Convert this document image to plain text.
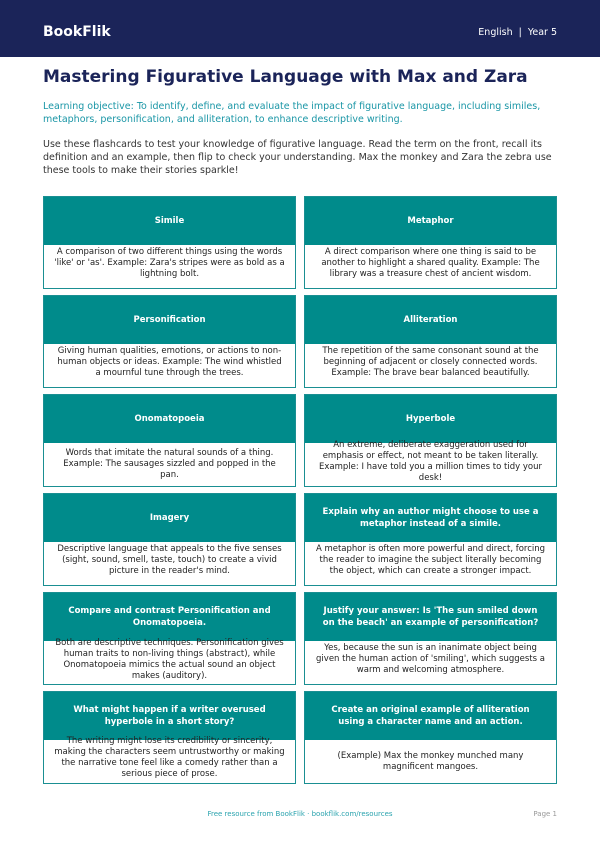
BookFlik	English | Year 5
Mastering Figurative Language with Max and Zara
Learning objective: To identify, define, and evaluate the impact of figurative language, including similes, metaphors, personification, and alliteration, to enhance descriptive writing.
Use these flashcards to test your knowledge of figurative language. Read the term on the front, recall its definition and an example, then flip to check your understanding. Max the monkey and Zara the zebra use these tools to make their stories sparkle!
Simile
A comparison of two different things using the words 'like' or 'as'. Example: Zara's stripes were as bold as a lightning bolt.
Metaphor
A direct comparison where one thing is said to be another to highlight a shared quality. Example: The library was a treasure chest of ancient wisdom.
Personification
Giving human qualities, emotions, or actions to non-human objects or ideas. Example: The wind whistled a mournful tune through the trees.
Alliteration
The repetition of the same consonant sound at the beginning of adjacent or closely connected words. Example: The brave bear balanced beautifully.
Onomatopoeia
Words that imitate the natural sounds of a thing. Example: The sausages sizzled and popped in the pan.
Hyperbole
An extreme, deliberate exaggeration used for emphasis or effect, not meant to be taken literally. Example: I have told you a million times to tidy your desk!
Imagery
Descriptive language that appeals to the five senses (sight, sound, smell, taste, touch) to create a vivid picture in the reader's mind.
Explain why an author might choose to use a metaphor instead of a simile.
A metaphor is often more powerful and direct, forcing the reader to imagine the subject literally becoming the object, which can create a stronger impact.
Compare and contrast Personification and Onomatopoeia.
Both are descriptive techniques. Personification gives human traits to non-living things (abstract), while Onomatopoeia mimics the actual sound an object makes (auditory).
Justify your answer: Is 'The sun smiled down on the beach' an example of personification?
Yes, because the sun is an inanimate object being given the human action of 'smiling', which suggests a warm and welcoming atmosphere.
What might happen if a writer overused hyperbole in a short story?
The writing might lose its credibility or sincerity, making the characters seem untrustworthy or making the narrative tone feel like a comedy rather than a serious piece of prose.
Create an original example of alliteration using a character name and an action.
(Example) Max the monkey munched many magnificent mangoes.
Free resource from BookFlik · bookflik.com/resources	Page 1
